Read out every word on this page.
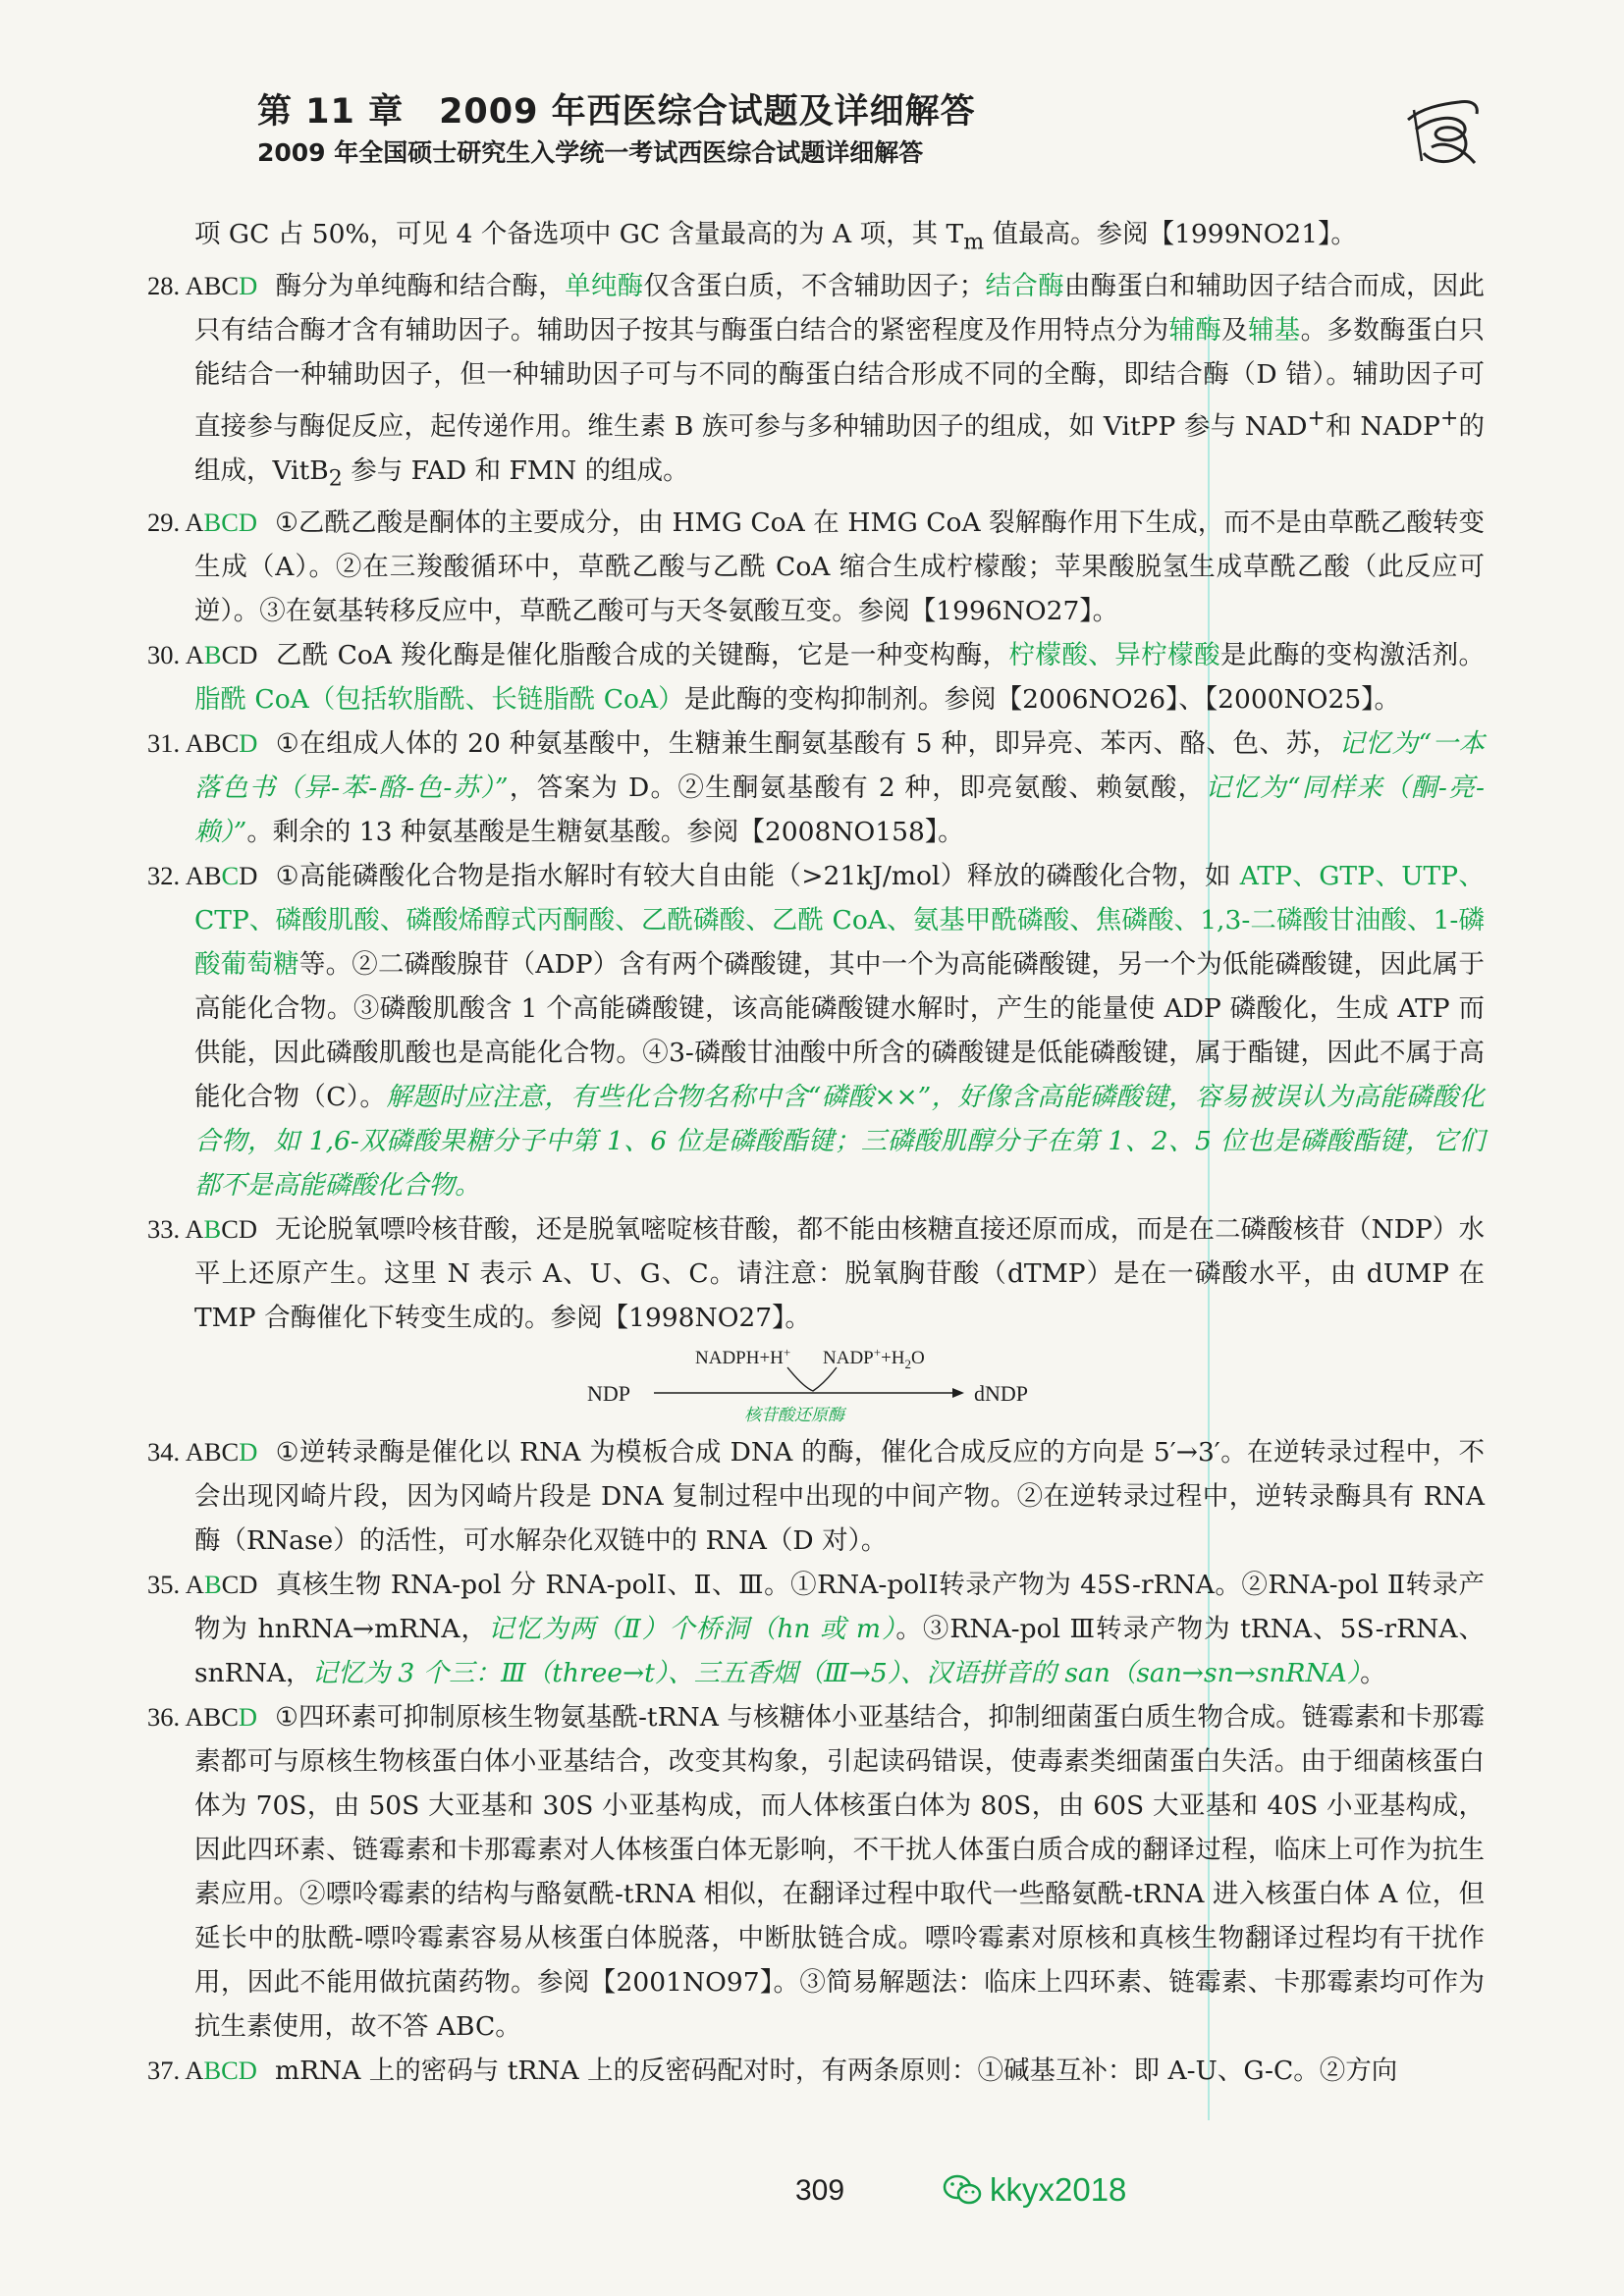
第 11 章　2009 年西医综合试题及详细解答
2009 年全国硕士研究生入学统一考试西医综合试题详细解答

项 GC 占 50%，可见 4 个备选项中 GC 含量最高的为 A 项，其 $T_m$ 值最高。参阅【1999NO21】。

28. ABCD 酶分为单纯酶和结合酶，单纯酶仅含蛋白质，不含辅助因子；结合酶由酶蛋白和辅助因子结合而成，因此只有结合酶才含有辅助因子。辅助因子按其与酶蛋白结合的紧密程度及作用特点分为辅酶及辅基。多数酶蛋白只能结合一种辅助因子，但一种辅助因子可与不同的酶蛋白结合形成不同的全酶，即结合酶（D 错）。辅助因子可直接参与酶促反应，起传递作用。维生素 B 族可参与多种辅助因子的组成，如 VitPP 参与 NAD+和 NADP+的组成，VitB$_2$ 参与 FAD 和 FMN 的组成。

29. ABCD ①乙酰乙酸是酮体的主要成分，由 HMG CoA 在 HMG CoA 裂解酶作用下生成，而不是由草酰乙酸转变生成（A）。②在三羧酸循环中，草酰乙酸与乙酰 CoA 缩合生成柠檬酸；苹果酸脱氢生成草酰乙酸（此反应可逆）。③在氨基转移反应中，草酰乙酸可与天冬氨酸互变。参阅【1996NO27】。

30. ABCD 乙酰 CoA 羧化酶是催化脂酸合成的关键酶，它是一种变构酶，柠檬酸、异柠檬酸是此酶的变构激活剂。脂酰 CoA（包括软脂酰、长链脂酰 CoA）是此酶的变构抑制剂。参阅【2006NO26】、【2000NO25】。

31. ABCD ①在组成人体的 20 种氨基酸中，生糖兼生酮氨基酸有 5 种，即异亮、苯丙、酪、色、苏，记忆为“一本落色书（异-苯-酪-色-苏）”，答案为 D。②生酮氨基酸有 2 种，即亮氨酸、赖氨酸，记忆为“同样来（酮-亮-赖）”。剩余的 13 种氨基酸是生糖氨基酸。参阅【2008NO158】。

32. ABCD ①高能磷酸化合物是指水解时有较大自由能（>21kJ/mol）释放的磷酸化合物，如 ATP、GTP、UTP、CTP、磷酸肌酸、磷酸烯醇式丙酮酸、乙酰磷酸、乙酰 CoA、氨基甲酰磷酸、焦磷酸、1,3-二磷酸甘油酸、1-磷酸葡萄糖等。②二磷酸腺苷（ADP）含有两个磷酸键，其中一个为高能磷酸键，另一个为低能磷酸键，因此属于高能化合物。③磷酸肌酸含 1 个高能磷酸键，该高能磷酸键水解时，产生的能量使 ADP 磷酸化，生成 ATP 而供能，因此磷酸肌酸也是高能化合物。④3-磷酸甘油酸中所含的磷酸键是低能磷酸键，属于酯键，因此不属于高能化合物（C）。解题时应注意，有些化合物名称中含“磷酸××”，好像含高能磷酸键，容易被误认为高能磷酸化合物，如 1,6-双磷酸果糖分子中第 1、6 位是磷酸酯键；三磷酸肌醇分子在第 1、2、5 位也是磷酸酯键，它们都不是高能磷酸化合物。

33. ABCD 无论脱氧嘌呤核苷酸，还是脱氧嘧啶核苷酸，都不能由核糖直接还原而成，而是在二磷酸核苷（NDP）水平上还原产生。这里 N 表示 A、U、G、C。请注意：脱氧胸苷酸（dTMP）是在一磷酸水平，由 dUMP 在 TMP 合酶催化下转变生成的。参阅【1998NO27】。

NDP
NADPH+H+ $NADP^++H_2O$
核苷酸还原酶
dNDP

34. ABCD ①逆转录酶是催化以 RNA 为模板合成 DNA 的酶，催化合成反应的方向是 5′→3′。在逆转录过程中，不会出现冈崎片段，因为冈崎片段是 DNA 复制过程中出现的中间产物。②在逆转录过程中，逆转录酶具有 RNA 酶（RNase）的活性，可水解杂化双链中的 RNA（D 对）。

35. ABCD 真核生物 RNA-pol 分 RNA-polⅠ、Ⅱ、Ⅲ。①RNA-polⅠ转录产物为 45S-rRNA。②RNA-pol Ⅱ转录产物为 hnRNA→mRNA，记忆为两（Ⅱ）个桥洞（hn 或 m）。③RNA-pol Ⅲ转录产物为 tRNA、5S-rRNA、snRNA，记忆为 3 个三：Ⅲ（three→t）、三五香烟（Ⅲ→5）、汉语拼音的 san（san→sn→snRNA）。

36. ABCD ①四环素可抑制原核生物氨基酰-tRNA 与核糖体小亚基结合，抑制细菌蛋白质生物合成。链霉素和卡那霉素都可与原核生物核蛋白体小亚基结合，改变其构象，引起读码错误，使毒素类细菌蛋白失活。由于细菌核蛋白体为 70S，由 50S 大亚基和 30S 小亚基构成，而人体核蛋白体为 80S，由 60S 大亚基和 40S 小亚基构成，因此四环素、链霉素和卡那霉素对人体核蛋白体无影响，不干扰人体蛋白质合成的翻译过程，临床上可作为抗生素应用。②嘌呤霉素的结构与酪氨酰-tRNA 相似，在翻译过程中取代一些酪氨酰-tRNA 进入核蛋白体 A 位，但延长中的肽酰-嘌呤霉素容易从核蛋白体脱落，中断肽链合成。嘌呤霉素对原核和真核生物翻译过程均有干扰作用，因此不能用做抗菌药物。参阅【2001NO97】。③简易解题法：临床上四环素、链霉素、卡那霉素均可作为抗生素使用，故不答 ABC。

37. ABCD mRNA 上的密码与 tRNA 上的反密码配对时，有两条原则：①碱基互补：即 A-U、G-C。②方向

309	kkyx2018
